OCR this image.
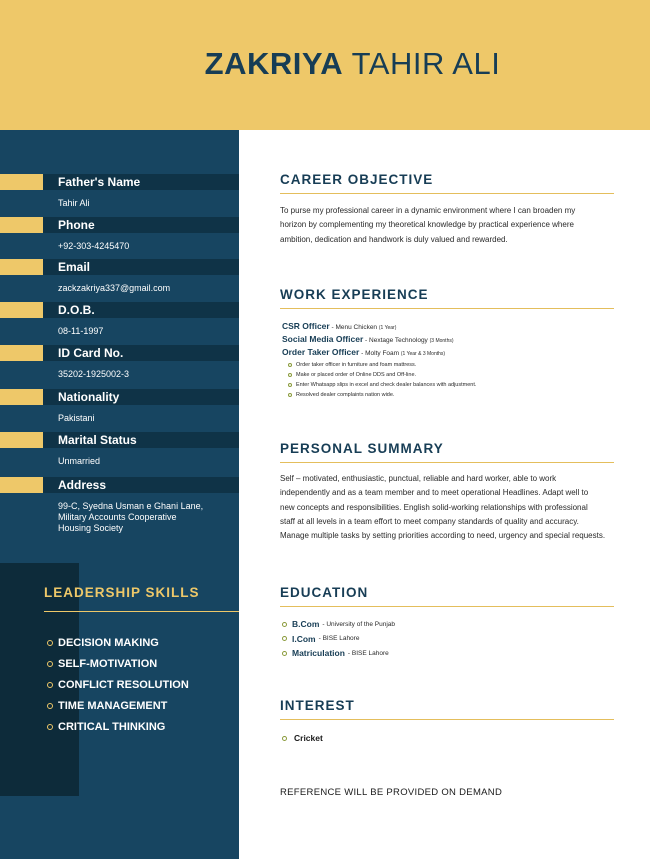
ZAKRIYA TAHIR ALI
Father's Name
Tahir Ali
Phone
+92-303-4245470
Email
zackzakriya337@gmail.com
D.O.B.
08-11-1997
ID Card No.
35202-1925002-3
Nationality
Pakistani
Marital Status
Unmarried
Address
99-C, Syedna Usman e Ghani Lane,
Military Accounts Cooperative
Housing Society
LEADERSHIP SKILLS
DECISION MAKING
SELF-MOTIVATION
CONFLICT RESOLUTION
TIME MANAGEMENT
CRITICAL THINKING
CAREER OBJECTIVE
To purse my professional career in a dynamic environment where I can broaden my
horizon by complementing my theoretical knowledge by practical experience where
ambition, dedication and handwork is duly valued and rewarded.
WORK EXPERIENCE
CSR Officer - Menu Chicken (1 Year)
Social Media Officer - Nextage Technology (3 Months)
Order Taker Officer - Molty Foam (1 Year & 3 Months)
Order taker officer in furniture and foam mattress.
Make or placed order of Online DDS and Off-line.
Enter Whatsapp slips in excel and check dealer balances with adjustment.
Resolved dealer complaints nation wide.
PERSONAL SUMMARY
Self – motivated, enthusiastic, punctual, reliable and hard worker, able to work
independently and as a team member and to meet operational Headlines. Adapt well to
new concepts and responsibilities. English solid-working relationships with professional
staff at all levels in a team effort to meet company standards of quality and accuracy.
Manage multiple tasks by setting priorities according to need, urgency and special requests.
EDUCATION
B.Com - University of the Punjab
I.Com - BISE Lahore
Matriculation - BISE Lahore
INTEREST
Cricket
REFERENCE WILL BE PROVIDED ON DEMAND
